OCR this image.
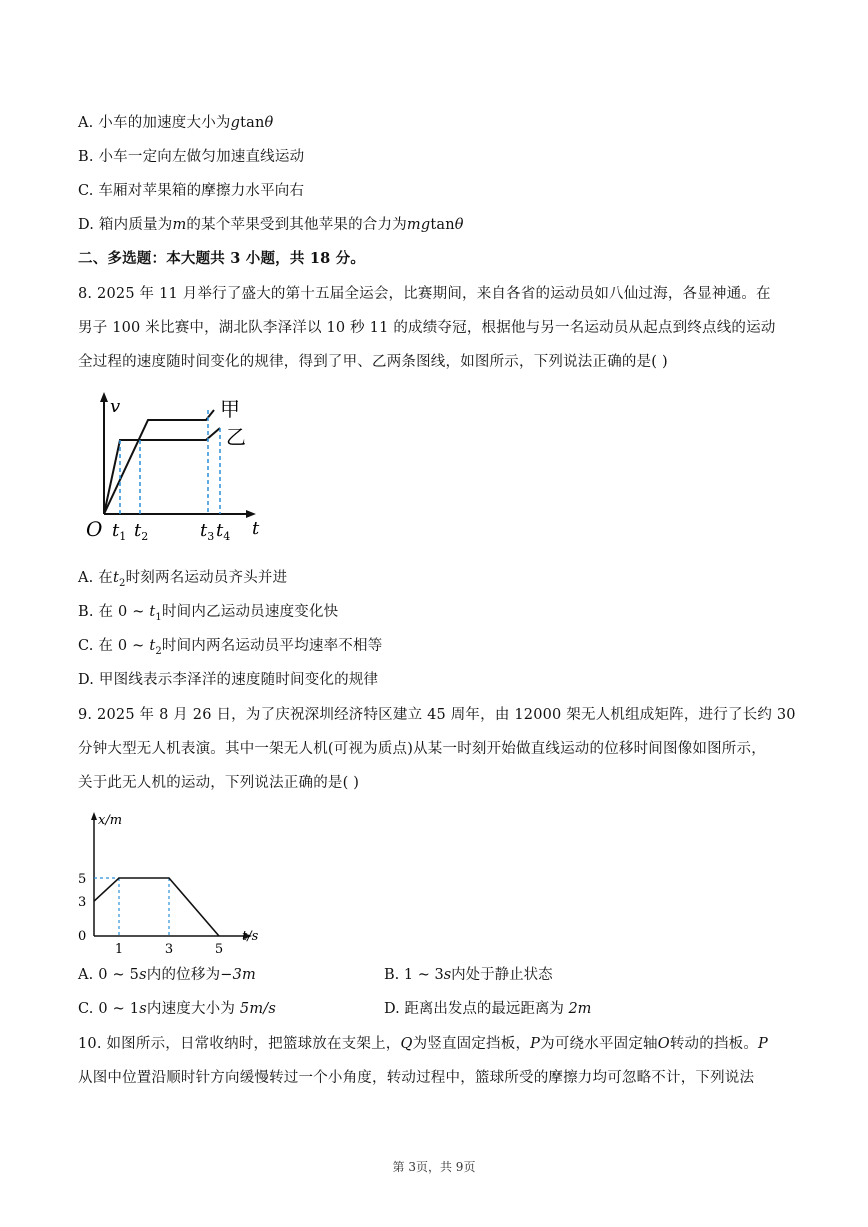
A. 小车的加速度大小为gtanθ
B. 小车一定向左做匀加速直线运动
C. 车厢对苹果箱的摩擦力水平向右
D. 箱内质量为m的某个苹果受到其他苹果的合力为mgtanθ
二、多选题：本大题共 3 小题，共 18 分。
8. 2025 年 11 月举行了盛大的第十五届全运会，比赛期间，来自各省的运动员如八仙过海，各显神通。在
男子 100 米比赛中，湖北队李泽洋以 10 秒 11 的成绩夺冠，根据他与另一名运动员从起点到终点线的运动
全过程的速度随时间变化的规律，得到了甲、乙两条图线，如图所示，下列说法正确的是( )
v
t
O
甲
乙
$t_1$ $t_2$	$t_3$ $t_4$
A. 在$t_2$时刻两名运动员齐头并进
B. 在 0 ~ $t_1$时间内乙运动员速度变化快
C. 在 0 ~ $t_2$时间内两名运动员平均速率不相等
D. 甲图线表示李泽洋的速度随时间变化的规律
9. 2025 年 8 月 26 日，为了庆祝深圳经济特区建立 45 周年，由 12000 架无人机组成矩阵，进行了长约 30
分钟大型无人机表演。其中一架无人机(可视为质点)从某一时刻开始做直线运动的位移时间图像如图所示，
关于此无人机的运动，下列说法正确的是( )
x/m
t/s
5
3
0
1	3	5
A. 0 ~ 5s内的位移为−3m	B. 1 ~ 3s内处于静止状态
C. 0 ~ 1s内速度大小为 5m/s	D. 距离出发点的最远距离为 2m
10. 如图所示，日常收纳时，把篮球放在支架上，Q为竖直固定挡板，P为可绕水平固定轴O转动的挡板。P
从图中位置沿顺时针方向缓慢转过一个小角度，转动过程中，篮球所受的摩擦力均可忽略不计，下列说法
第 3页，共 9页
